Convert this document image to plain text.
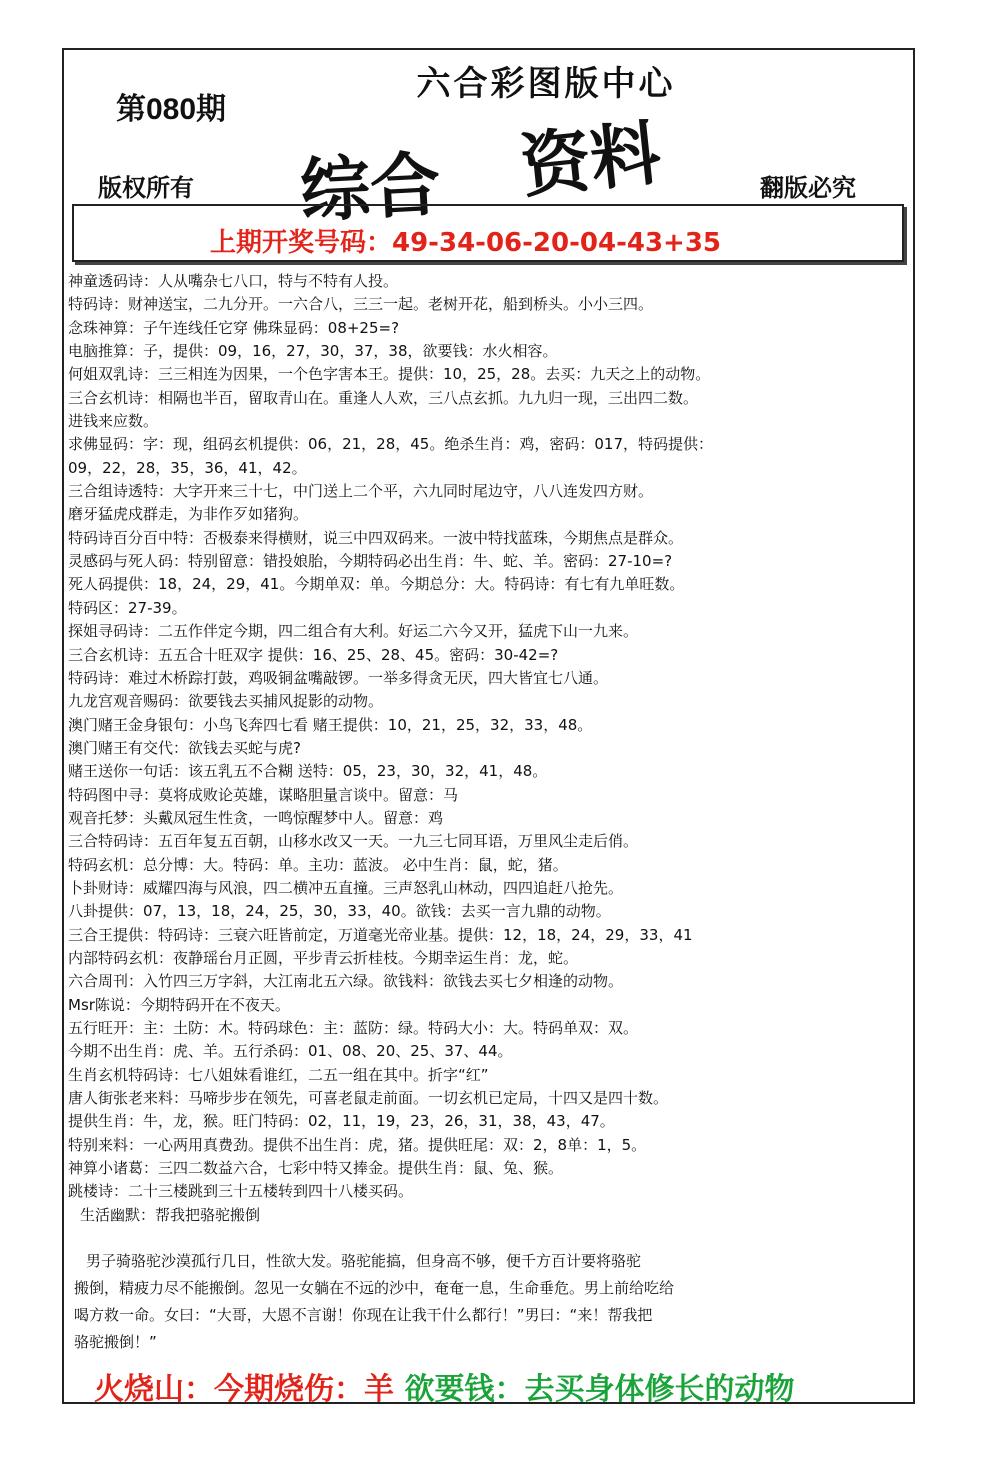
第080期
六合彩图版中心
综合 资料
版权所有	翻版必究
上期开奖号码：49-34-06-20-04-43+35
神童透码诗：人从嘴杂七八口，特与不特有人投。
特码诗：财神送宝，二九分开。一六合八，三三一起。老树开花，船到桥头。小小三四。
念珠神算：子午连线任它穿 佛珠显码：08+25=?
电脑推算：子，提供：09，16，27，30，37，38，欲要钱：水火相容。
何姐双乳诗：三三相连为因果，一个色字害本王。提供：10，25，28。去买：九天之上的动物。
三合玄机诗：相隔也半百，留取青山在。重逢人人欢，三八点玄抓。九九归一现，三出四二数。
进钱来应数。
求佛显码：字：现，组码玄机提供：06，21，28，45。绝杀生肖：鸡，密码：017，特码提供：
09，22，28，35，36，41，42。
三合组诗透特：大字开来三十七，中门送上二个平，六九同时尾边守，八八连发四方财。
磨牙猛虎戍群走，为非作歹如猪狗。
特码诗百分百中特：否极泰来得横财，说三中四双码来。一波中特找蓝珠，今期焦点是群众。
灵感码与死人码：特别留意：错投娘胎，今期特码必出生肖：牛、蛇、羊。密码：27-10=?
死人码提供：18，24，29，41。今期单双：单。今期总分：大。特码诗：有七有九单旺数。
特码区：27-39。
探姐寻码诗：二五作伴定今期，四二组合有大利。好运二六今又开，猛虎下山一九来。
三合玄机诗：五五合十旺双字 提供：16、25、28、45。密码：30-42=?
特码诗：难过木桥踪打鼓，鸡吸铜盆嘴敲锣。一举多得贪无厌，四大皆宜七八通。
九龙宫观音赐码：欲要钱去买捕风捉影的动物。
澳门赌王金身银句：小鸟飞奔四七看 赌王提供：10，21，25，32，33，48。
澳门赌王有交代：欲钱去买蛇与虎?
赌王送你一句话：该五乳五不合糊 送特：05，23，30，32，41，48。
特码图中寻：莫将成败论英雄，谋略胆量言谈中。留意：马
观音托梦：头戴凤冠生性贪，一鸣惊醒梦中人。留意：鸡
三合特码诗：五百年复五百朝，山移水改又一天。一九三七同耳语，万里风尘走后俏。
特码玄机：总分博：大。特码：单。主功：蓝波。 必中生肖：鼠，蛇，猪。
卜卦财诗：威耀四海与风浪，四二横冲五直撞。三声怒乳山林动，四四追赶八抢先。
八卦提供：07，13，18，24，25，30，33，40。欲钱：去买一言九鼎的动物。
三合王提供：特码诗：三衰六旺皆前定，万道毫光帝业基。提供：12，18，24，29，33，41
内部特码玄机：夜静瑶台月正圆，平步青云折桂枝。今期幸运生肖：龙，蛇。
六合周刊：入竹四三万字斜，大江南北五六绿。欲钱料：欲钱去买七夕相逢的动物。
Msr陈说：今期特码开在不夜天。
五行旺开：主：土防：木。特码球色：主：蓝防：绿。特码大小：大。特码单双：双。
今期不出生肖：虎、羊。五行杀码：01、08、20、25、37、44。
生肖玄机特码诗：七八姐妹看谁红，二五一组在其中。折字“红”
唐人街张老来料：马啼步步在领先，可喜老鼠走前面。一切玄机已定局，十四又是四十数。
提供生肖：牛，龙，猴。旺门特码：02，11，19，23，26，31，38，43，47。
特别来料：一心两用真费劲。提供不出生肖：虎，猪。提供旺尾：双：2，8单：1，5。
神算小诸葛：三四二数益六合，七彩中特又捧金。提供生肖：鼠、兔、猴。
跳楼诗：二十三楼跳到三十五楼转到四十八楼买码。
生活幽默：帮我把骆驼搬倒
男子骑骆驼沙漠孤行几日，性欲大发。骆驼能搞，但身高不够，便千方百计要将骆驼
搬倒，精疲力尽不能搬倒。忽见一女躺在不远的沙中，奄奄一息，生命垂危。男上前给吃给
喝方救一命。女曰：“大哥，大恩不言谢！你现在让我干什么都行！”男曰：“来！帮我把
骆驼搬倒！”
火烧山：今期烧伤：羊 欲要钱：去买身体修长的动物
